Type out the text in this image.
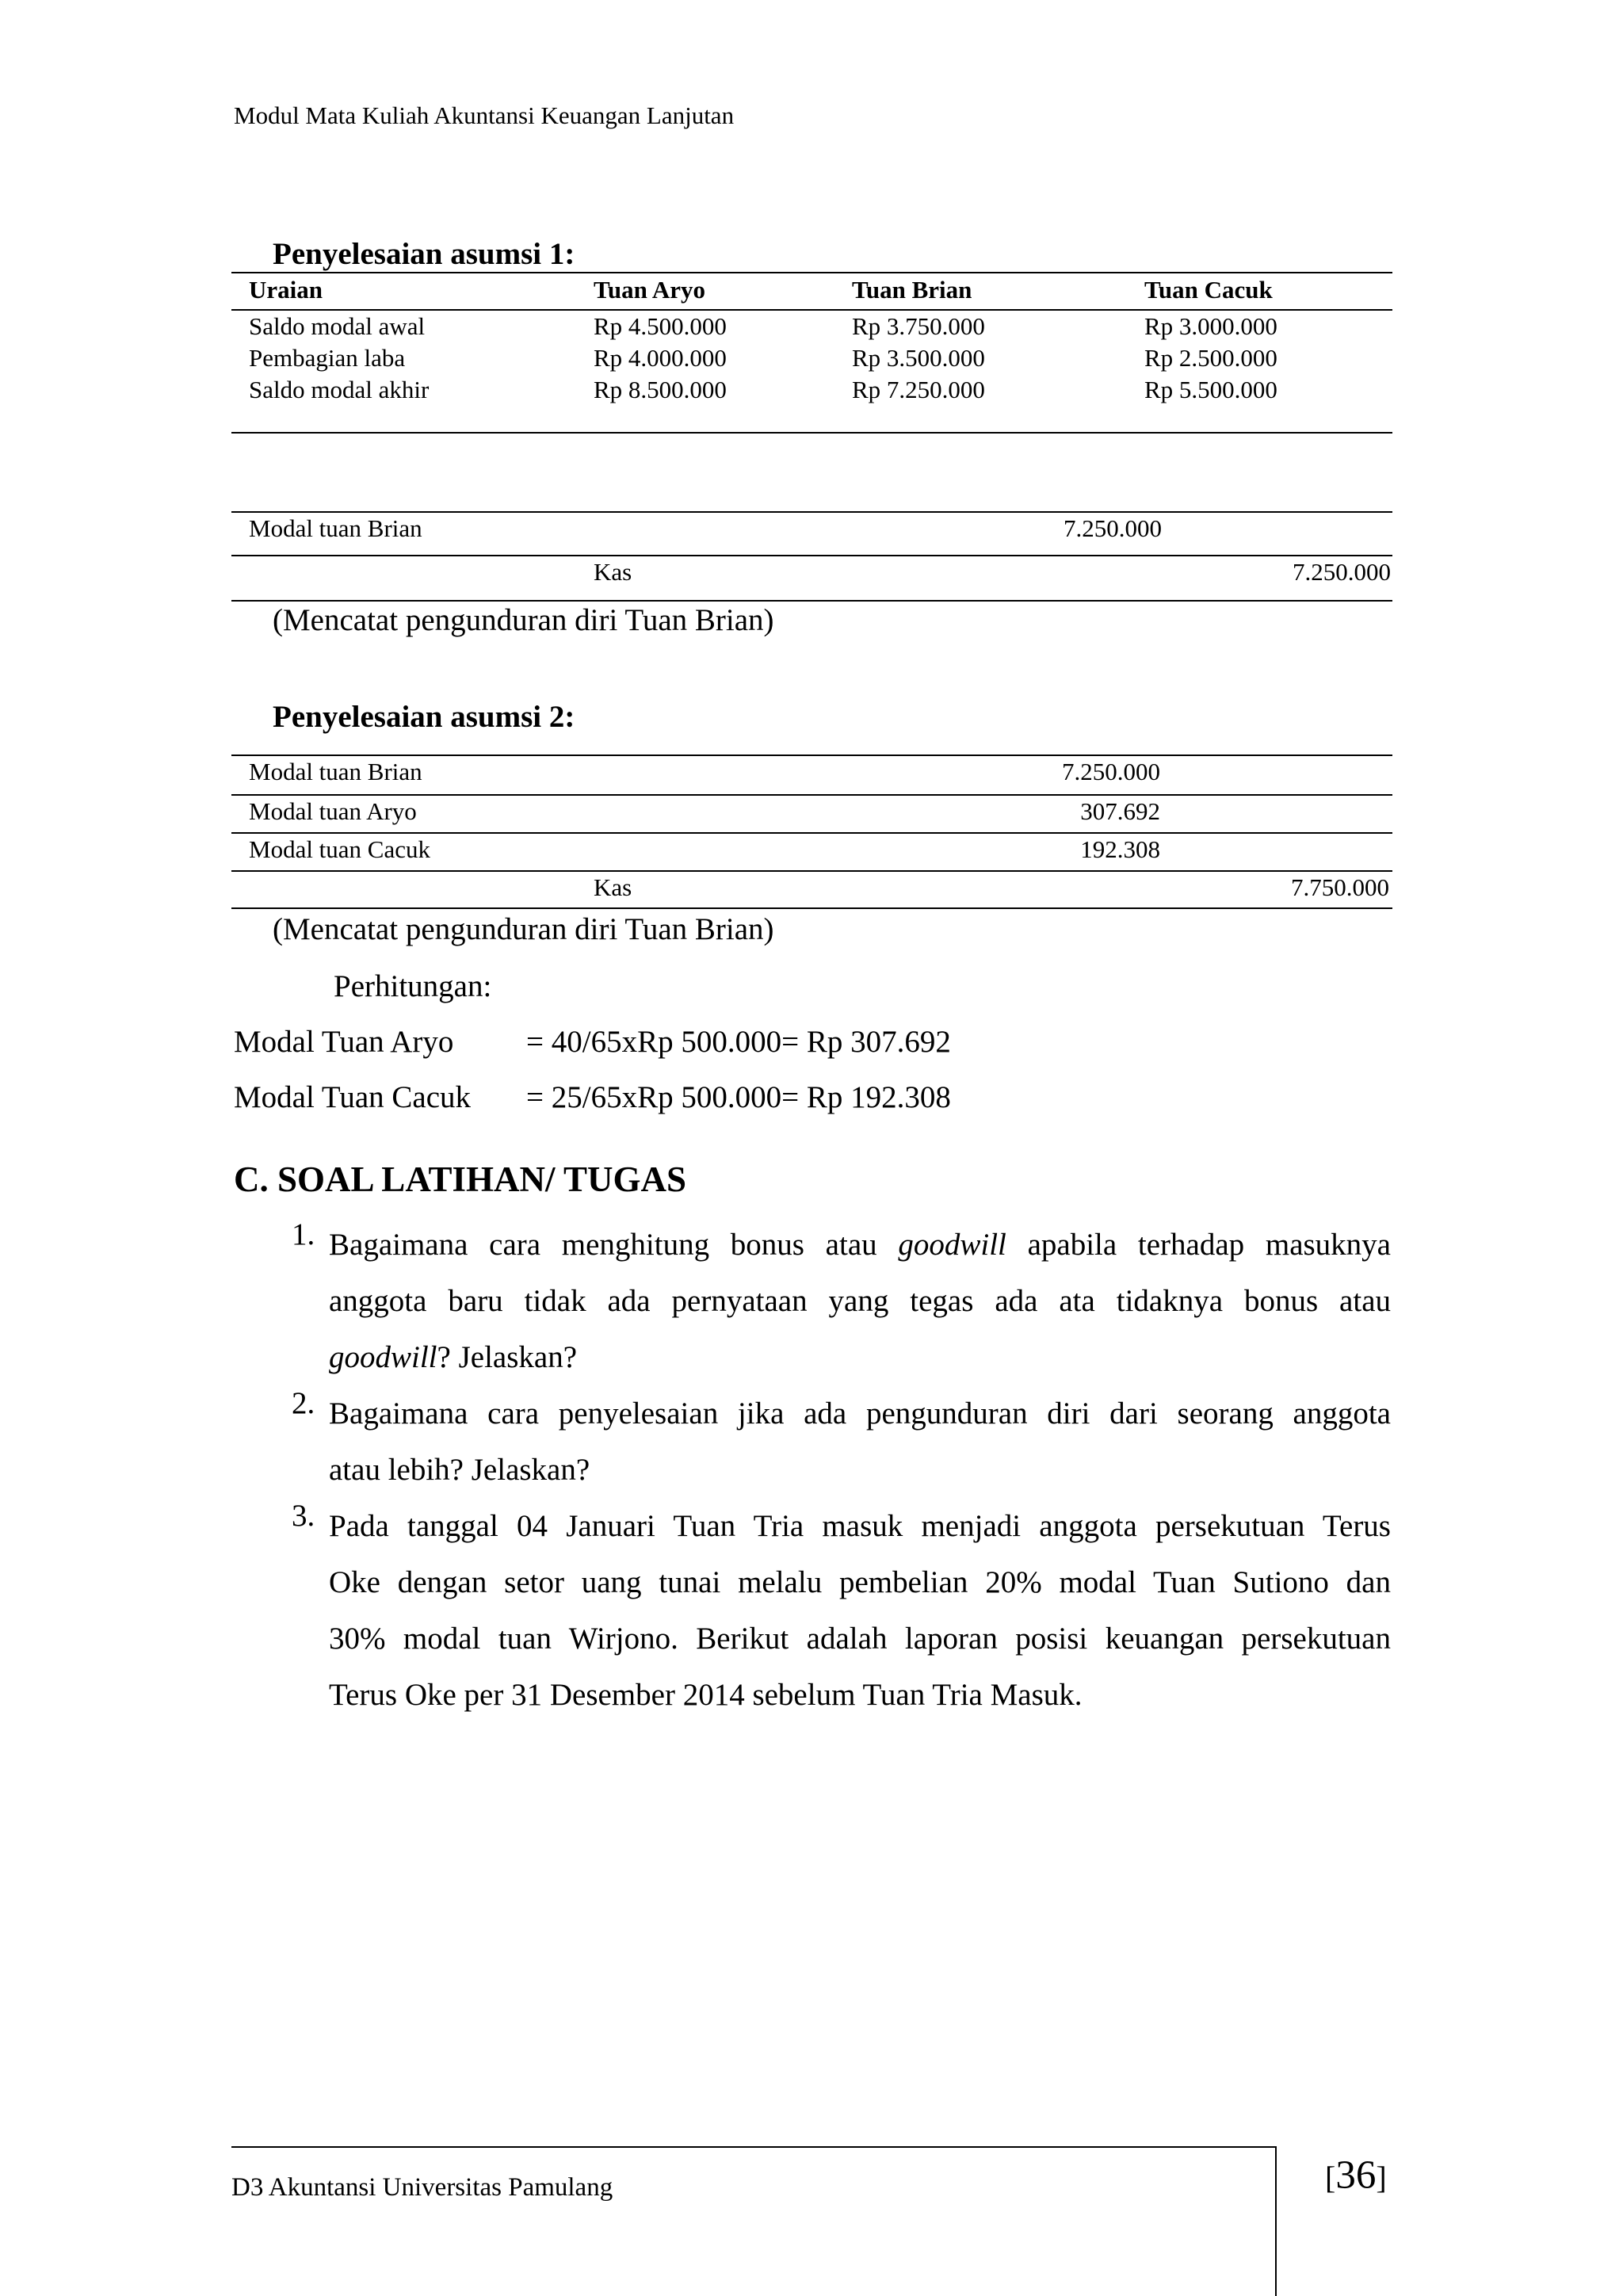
Modul Mata Kuliah Akuntansi Keuangan Lanjutan
Penyelesaian asumsi 1:
Uraian	Tuan Aryo	Tuan Brian	Tuan Cacuk
Saldo modal awal	Rp 4.500.000	Rp 3.750.000	Rp 3.000.000
Pembagian laba	Rp 4.000.000	Rp 3.500.000	Rp 2.500.000
Saldo modal akhir	Rp 8.500.000	Rp 7.250.000	Rp 5.500.000
Modal tuan Brian	7.250.000
Kas	7.250.000
(Mencatat pengunduran diri Tuan Brian)
Penyelesaian asumsi 2:
Modal tuan Brian	7.250.000
Modal tuan Aryo	307.692
Modal tuan Cacuk	192.308
Kas	7.750.000
(Mencatat pengunduran diri Tuan Brian)
Perhitungan:
Modal Tuan Aryo = 40/65xRp 500.000= Rp 307.692
Modal Tuan Cacuk = 25/65xRp 500.000= Rp 192.308
C. SOAL LATIHAN/ TUGAS
1. Bagaimana cara menghitung bonus atau goodwill apabila terhadap masuknya
anggota baru tidak ada pernyataan yang tegas ada ata tidaknya bonus atau
goodwill? Jelaskan?
2. Bagaimana cara penyelesaian jika ada pengunduran diri dari seorang anggota
atau lebih? Jelaskan?
3. Pada tanggal 04 Januari Tuan Tria masuk menjadi anggota persekutuan Terus
Oke dengan setor uang tunai melalu pembelian 20% modal Tuan Sutiono dan
30% modal tuan Wirjono. Berikut adalah laporan posisi keuangan persekutuan
Terus Oke per 31 Desember 2014 sebelum Tuan Tria Masuk.
D3 Akuntansi Universitas Pamulang	[36]
